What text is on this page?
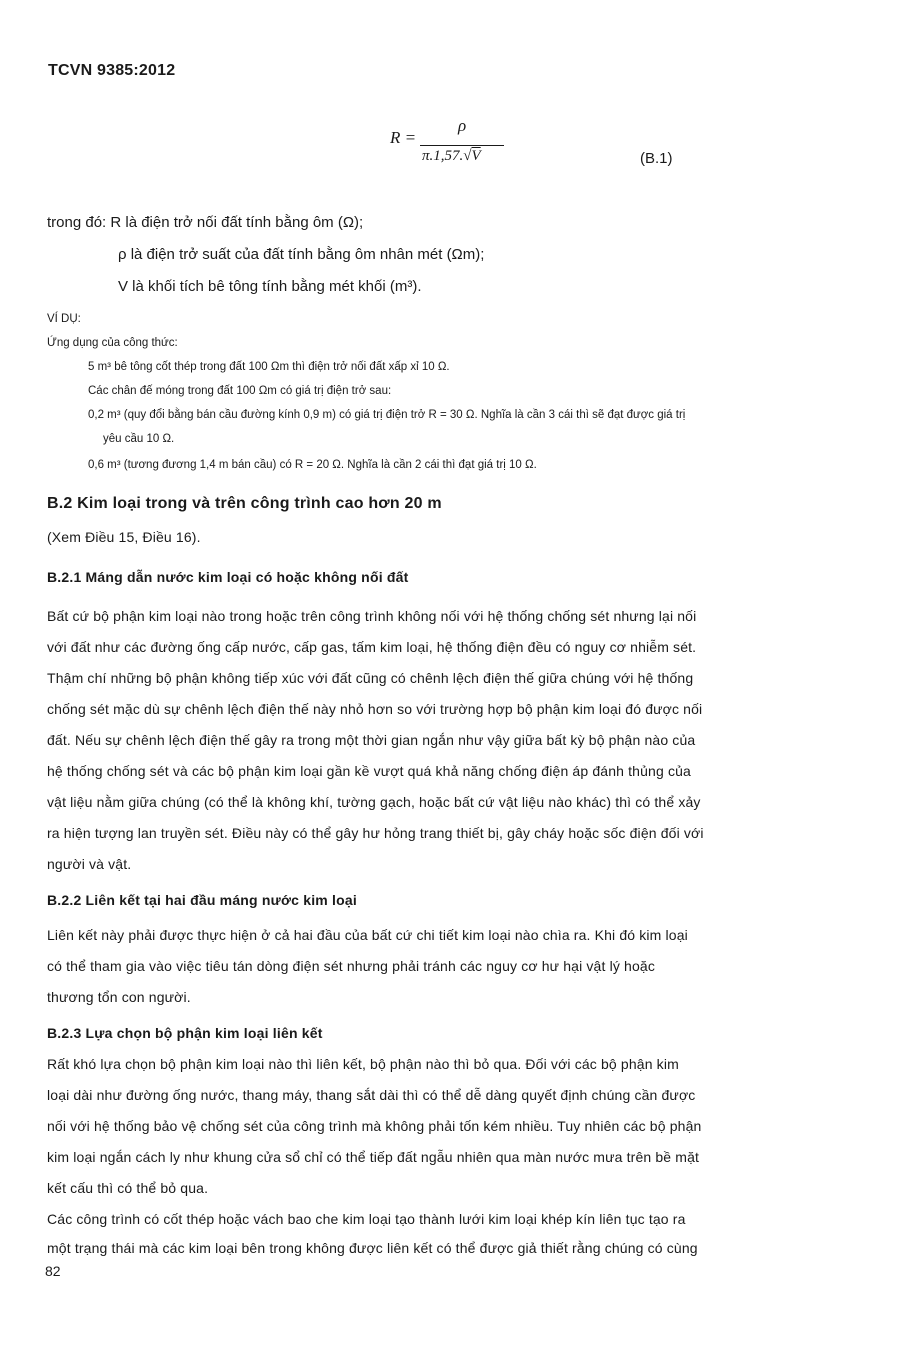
TCVN 9385:2012
R =
ρ
π.1,57.√V	(B.1)
trong đó: R là điện trở nối đất tính bằng ôm (Ω);
ρ là điện trở suất của đất tính bằng ôm nhân mét (Ωm);
V là khối tích bê tông tính bằng mét khối (m³).
VÍ DỤ:
Ứng dụng của công thức:
5 m³ bê tông cốt thép trong đất 100 Ωm thì điện trở nối đất xấp xỉ 10 Ω.
Các chân đế móng trong đất 100 Ωm có giá trị điện trở sau:
0,2 m³ (quy đổi bằng bán cầu đường kính 0,9 m) có giá trị điện trở R = 30 Ω. Nghĩa là cần 3 cái thì sẽ đạt được giá trị
yêu cầu 10 Ω.
0,6 m³ (tương đương 1,4 m bán cầu) có R = 20 Ω. Nghĩa là cần 2 cái thì đạt giá trị 10 Ω.
B.2 Kim loại trong và trên công trình cao hơn 20 m
(Xem Điều 15, Điều 16).
B.2.1 Máng dẫn nước kim loại có hoặc không nối đất
Bất cứ bộ phận kim loại nào trong hoặc trên công trình không nối với hệ thống chống sét nhưng lại nối
với đất như các đường ống cấp nước, cấp gas, tấm kim loại, hệ thống điện đều có nguy cơ nhiễm sét.
Thậm chí những bộ phận không tiếp xúc với đất cũng có chênh lệch điện thế giữa chúng với hệ thống
chống sét mặc dù sự chênh lệch điện thế này nhỏ hơn so với trường hợp bộ phận kim loại đó được nối
đất. Nếu sự chênh lệch điện thế gây ra trong một thời gian ngắn như vậy giữa bất kỳ bộ phận nào của
hệ thống chống sét và các bộ phận kim loại gần kề vượt quá khả năng chống điện áp đánh thủng của
vật liệu nằm giữa chúng (có thể là không khí, tường gạch, hoặc bất cứ vật liệu nào khác) thì có thể xảy
ra hiện tượng lan truyền sét. Điều này có thể gây hư hỏng trang thiết bị, gây cháy hoặc sốc điện đối với
người và vật.
B.2.2 Liên kết tại hai đầu máng nước kim loại
Liên kết này phải được thực hiện ở cả hai đầu của bất cứ chi tiết kim loại nào chìa ra. Khi đó kim loại
có thể tham gia vào việc tiêu tán dòng điện sét nhưng phải tránh các nguy cơ hư hại vật lý hoặc
thương tổn con người.
B.2.3 Lựa chọn bộ phận kim loại liên kết
Rất khó lựa chọn bộ phận kim loại nào thì liên kết, bộ phận nào thì bỏ qua. Đối với các bộ phận kim
loại dài như đường ống nước, thang máy, thang sắt dài thì có thể dễ dàng quyết định chúng cần được
nối với hệ thống bảo vệ chống sét của công trình mà không phải tốn kém nhiều. Tuy nhiên các bộ phận
kim loại ngắn cách ly như khung cửa sổ chỉ có thể tiếp đất ngẫu nhiên qua màn nước mưa trên bề mặt
kết cấu thì có thể bỏ qua.
Các công trình có cốt thép hoặc vách bao che kim loại tạo thành lưới kim loại khép kín liên tục tạo ra
một trạng thái mà các kim loại bên trong không được liên kết có thể được giả thiết rằng chúng có cùng
82
